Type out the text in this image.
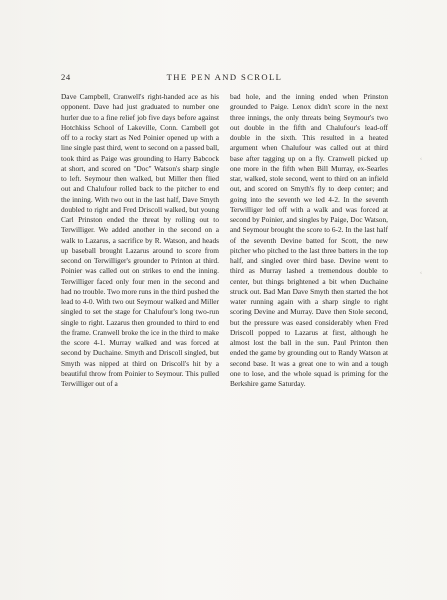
24	THE PEN AND SCROLL

Dave Campbell, Cranwell's right-handed ace as his opponent. Dave had just graduated to number one hurler due to a fine relief job five days before against Hotchkiss School of Lakeville, Conn. Cambell got off to a rocky start as Ned Poinier opened up with a line single past third, went to second on a passed ball, took third as Paige was grounding to Harry Babcock at short, and scored on "Doc" Watson's sharp single to left. Seymour then walked, but Miller then flied out and Chalufour rolled back to the pitcher to end the inning. With two out in the last half, Dave Smyth doubled to right and Fred Driscoll walked, but young Carl Prinston ended the threat by rolling out to Terwilliger. We added another in the second on a walk to Lazarus, a sacrifice by R. Watson, and heads up baseball brought Lazarus around to score from second on Terwilliger's grounder to Printon at third. Poinier was called out on strikes to end the inning. Terwilliger faced only four men in the second and had no trouble. Two more runs in the third pushed the lead to 4-0. With two out Seymour walked and Miller singled to set the stage for Chalufour's long two-run single to right. Lazarus then grounded to third to end the frame. Cranwell broke the ice in the third to make the score 4-1. Murray walked and was forced at second by Duchaine. Smyth and Driscoll singled, but Smyth was nipped at third on Driscoll's hit by a beautiful throw from Poinier to Seymour. This pulled Terwilliger out of a

bad hole, and the inning ended when Prinston grounded to Paige. Lenox didn't score in the next three innings, the only threats being Seymour's two out double in the fifth and Chalufour's lead-off double in the sixth. This resulted in a heated argument when Chalufour was called out at third base after tagging up on a fly. Cranwell picked up one more in the fifth when Bill Murray, ex-Searles star, walked, stole second, went to third on an infield out, and scored on Smyth's fly to deep center; and going into the seventh we led 4-2. In the seventh Terwilliger led off with a walk and was forced at second by Poinier, and singles by Paige, Doc Watson, and Seymour brought the score to 6-2. In the last half of the seventh Devine batted for Scott, the new pitcher who pitched to the last three batters in the top half, and singled over third base. Devine went to third as Murray lashed a tremendous double to center, but things brightened a bit when Duchaine struck out. Bad Man Dave Smyth then started the hot water running again with a sharp single to right scoring Devine and Murray. Dave then Stole second, but the pressure was eased considerably when Fred Driscoll popped to Lazarus at first, although he almost lost the ball in the sun. Paul Printon then ended the game by grounding out to Randy Watson at second base. It was a great one to win and a tough one to lose, and the whole squad is priming for the Berkshire game Saturday.

‹
‹
